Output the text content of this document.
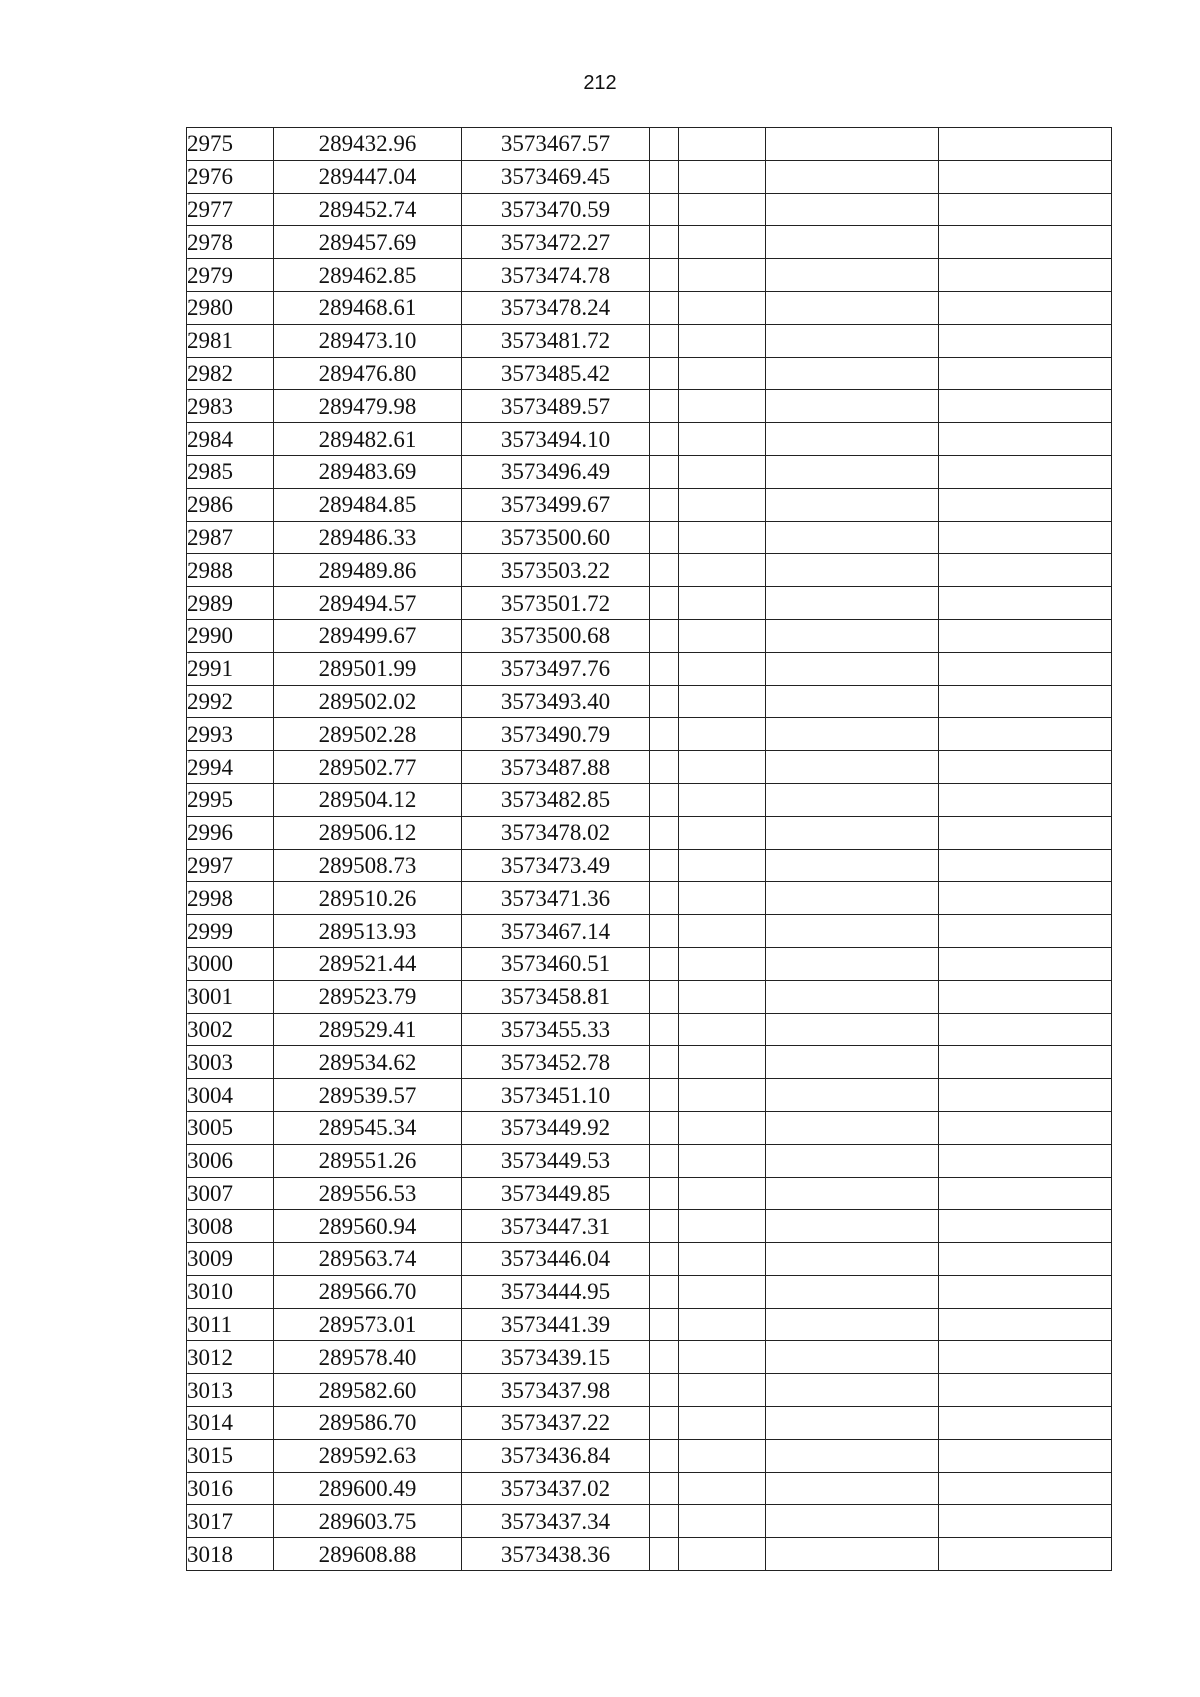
212
2975	289432.96	3573467.57				
2976	289447.04	3573469.45				
2977	289452.74	3573470.59				
2978	289457.69	3573472.27				
2979	289462.85	3573474.78				
2980	289468.61	3573478.24				
2981	289473.10	3573481.72				
2982	289476.80	3573485.42				
2983	289479.98	3573489.57				
2984	289482.61	3573494.10				
2985	289483.69	3573496.49				
2986	289484.85	3573499.67				
2987	289486.33	3573500.60				
2988	289489.86	3573503.22				
2989	289494.57	3573501.72				
2990	289499.67	3573500.68				
2991	289501.99	3573497.76				
2992	289502.02	3573493.40				
2993	289502.28	3573490.79				
2994	289502.77	3573487.88				
2995	289504.12	3573482.85				
2996	289506.12	3573478.02				
2997	289508.73	3573473.49				
2998	289510.26	3573471.36				
2999	289513.93	3573467.14				
3000	289521.44	3573460.51				
3001	289523.79	3573458.81				
3002	289529.41	3573455.33				
3003	289534.62	3573452.78				
3004	289539.57	3573451.10				
3005	289545.34	3573449.92				
3006	289551.26	3573449.53				
3007	289556.53	3573449.85				
3008	289560.94	3573447.31				
3009	289563.74	3573446.04				
3010	289566.70	3573444.95				
3011	289573.01	3573441.39				
3012	289578.40	3573439.15				
3013	289582.60	3573437.98				
3014	289586.70	3573437.22				
3015	289592.63	3573436.84				
3016	289600.49	3573437.02				
3017	289603.75	3573437.34				
3018	289608.88	3573438.36				
